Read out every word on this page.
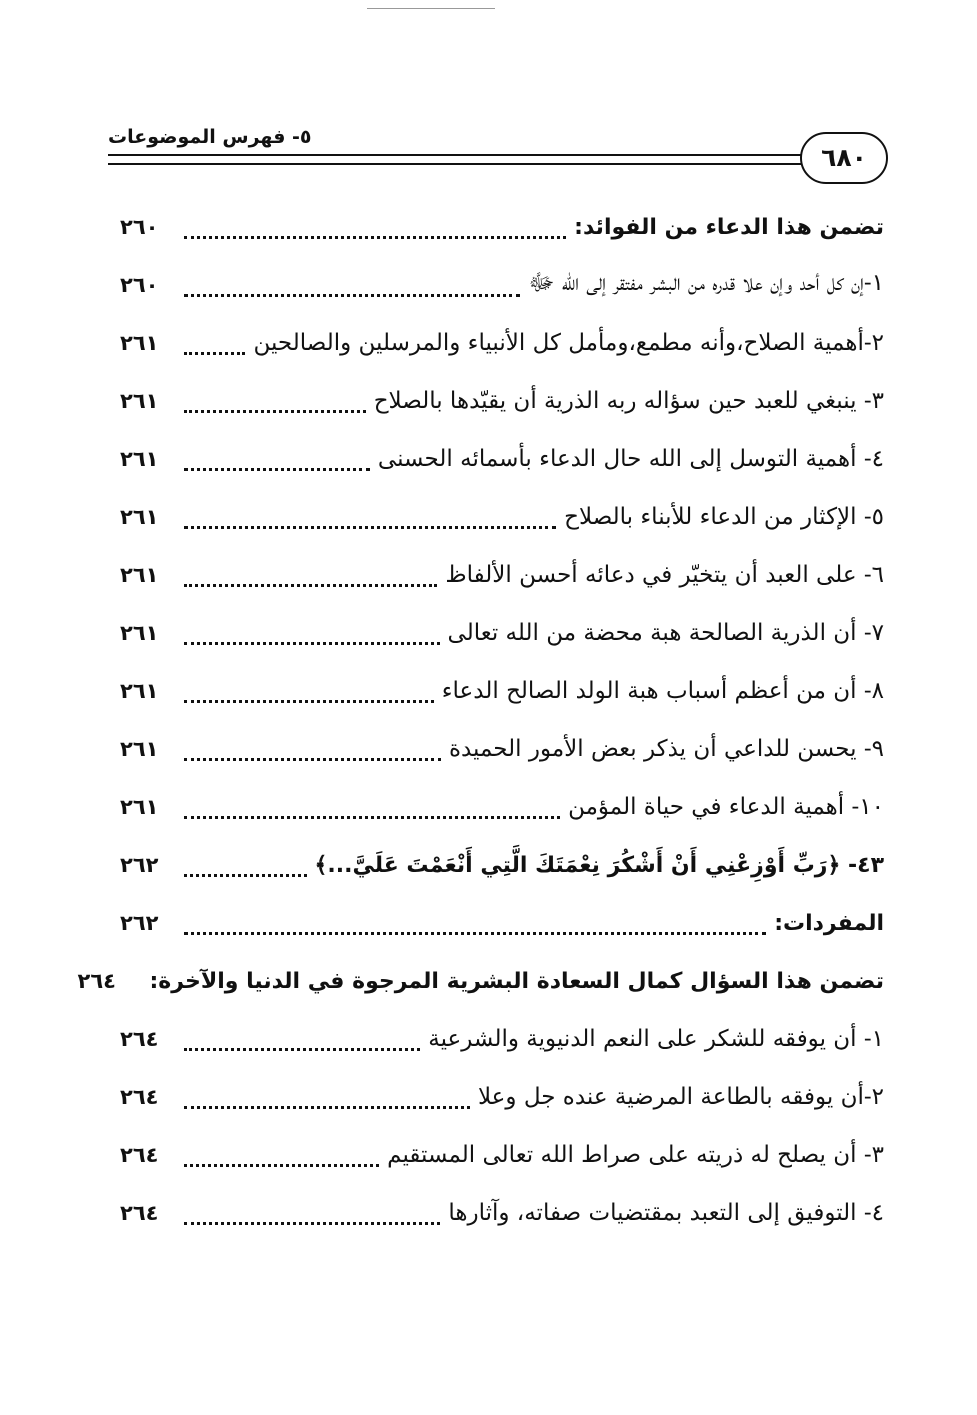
٥- فهرس الموضوعات
٦٨٠
تضمن هذا الدعاء من الفوائد:
٢٦٠
١-إن كل أحد وإن علا قدره من البشر مفتقر إلى الله ﷻ
٢٦٠
٢-أهمية الصلاح،وأنه مطمع،ومأمل كل الأنبياء والمرسلين والصالحين
٢٦١
٣- ينبغي للعبد حين سؤاله ربه الذرية أن يقيّدها بالصلاح
٢٦١
٤- أهمية التوسل إلى الله حال الدعاء بأسمائه الحسنى
٢٦١
٥- الإكثار من الدعاء للأبناء بالصلاح
٢٦١
٦- على العبد أن يتخيّر في دعائه أحسن الألفاظ
٢٦١
٧- أن الذرية الصالحة هبة محضة من الله تعالى
٢٦١
٨- أن من أعظم أسباب هبة الولد الصالح الدعاء
٢٦١
٩- يحسن للداعي أن يذكر بعض الأمور الحميدة
٢٦١
١٠- أهمية الدعاء في حياة المؤمن
٢٦١
٤٣- ﴿رَبِّ أَوْزِعْنِي أَنْ أَشْكُرَ نِعْمَتَكَ الَّتِي أَنْعَمْتَ عَلَيَّ...﴾
٢٦٢
المفردات:
٢٦٢
تضمن هذا السؤال كمال السعادة البشرية المرجوة في الدنيا والآخرة:
٢٦٤
١- أن يوفقه للشكر على النعم الدنيوية والشرعية
٢٦٤
٢-أن يوفقه بالطاعة المرضية عنده جل وعلا
٢٦٤
٣- أن يصلح له ذريته على صراط الله تعالى المستقيم
٢٦٤
٤- التوفيق إلى التعبد بمقتضيات صفاته، وآثارها
٢٦٤
